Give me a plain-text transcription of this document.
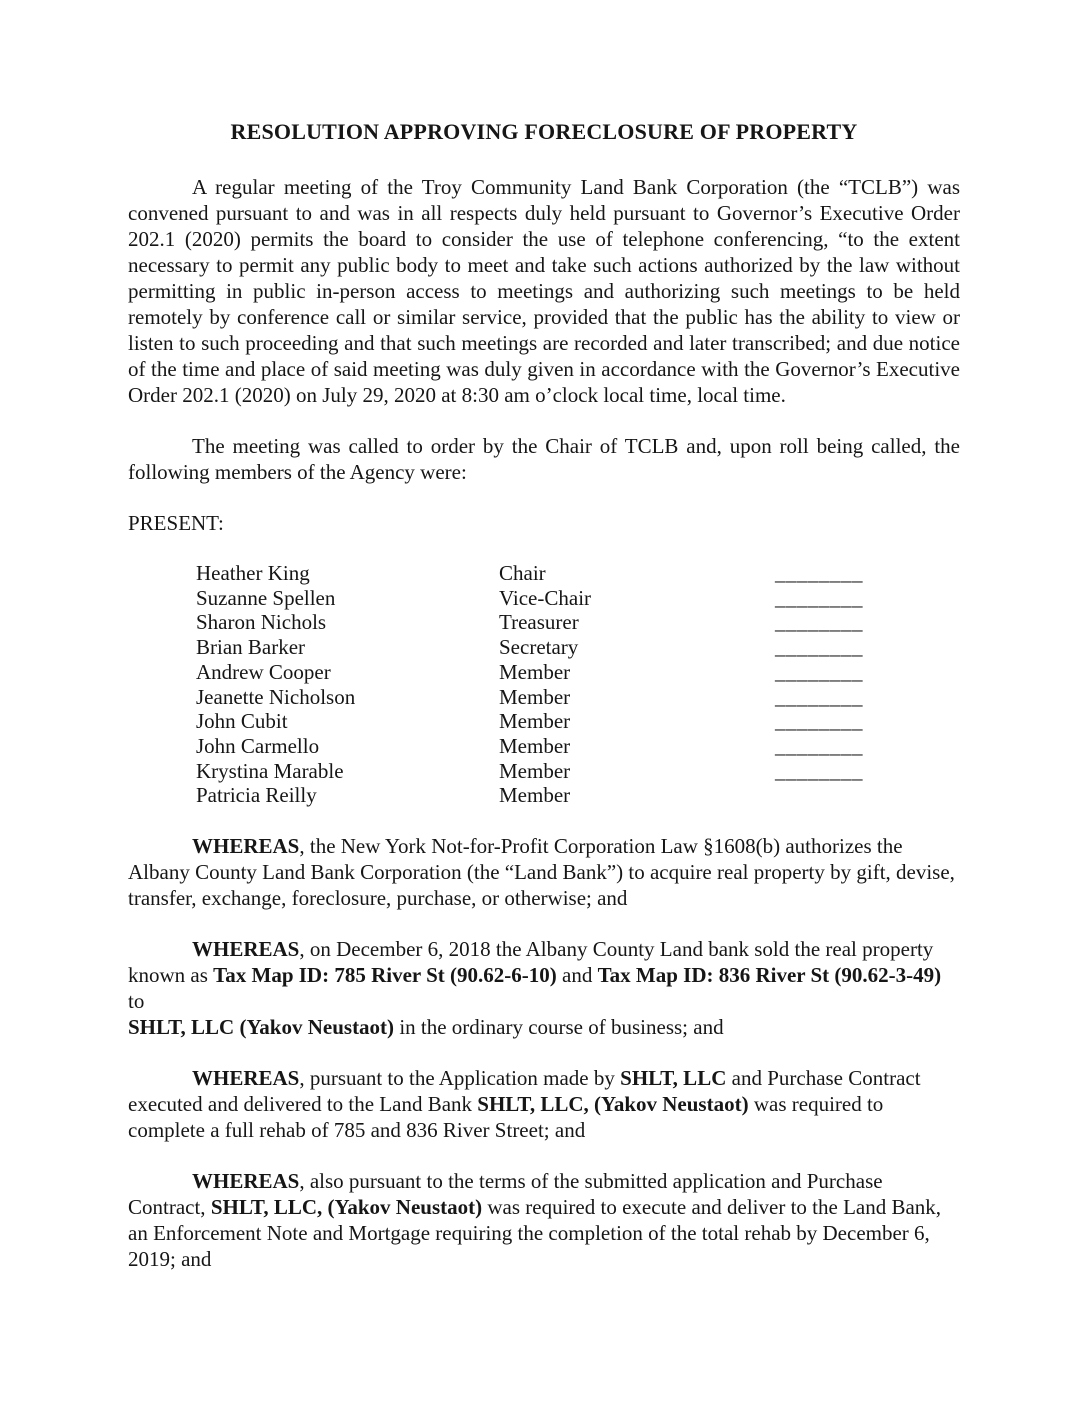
RESOLUTION APPROVING FORECLOSURE OF PROPERTY

A regular meeting of the Troy Community Land Bank Corporation (the “TCLB”) was convened pursuant to and was in all respects duly held pursuant to Governor’s Executive Order 202.1 (2020) permits the board to consider the use of telephone conferencing, “to the extent necessary to permit any public body to meet and take such actions authorized by the law without permitting in public in-person access to meetings and authorizing such meetings to be held remotely by conference call or similar service, provided that the public has the ability to view or listen to such proceeding and that such meetings are recorded and later transcribed; and due notice of the time and place of said meeting was duly given in accordance with the Governor’s Executive Order 202.1 (2020) on July 29, 2020 at 8:30 am o’clock local time, local time.

The meeting was called to order by the Chair of TCLB and, upon roll being called, the following members of the Agency were:

PRESENT:
Heather King	Chair	________
Suzanne Spellen	Vice-Chair	________
Sharon Nichols	Treasurer	________
Brian Barker	Secretary	________
Andrew Cooper	Member	________
Jeanette Nicholson	Member	________
John Cubit	Member	________
John Carmello	Member	________
Krystina Marable	Member	________
Patricia Reilly	Member

WHEREAS, the New York Not-for-Profit Corporation Law §1608(b) authorizes the Albany County Land Bank Corporation (the “Land Bank”) to acquire real property by gift, devise, transfer, exchange, foreclosure, purchase, or otherwise; and

WHEREAS, on December 6, 2018 the Albany County Land bank sold the real property known as Tax Map ID: 785 River St (90.62-6-10) and Tax Map ID: 836 River St (90.62-3-49) to
SHLT, LLC (Yakov Neustaot) in the ordinary course of business; and

WHEREAS, pursuant to the Application made by SHLT, LLC and Purchase Contract executed and delivered to the Land Bank SHLT, LLC, (Yakov Neustaot) was required to complete a full rehab of 785 and 836 River Street; and

WHEREAS, also pursuant to the terms of the submitted application and Purchase Contract, SHLT, LLC, (Yakov Neustaot) was required to execute and deliver to the Land Bank, an Enforcement Note and Mortgage requiring the completion of the total rehab by December 6, 2019; and
